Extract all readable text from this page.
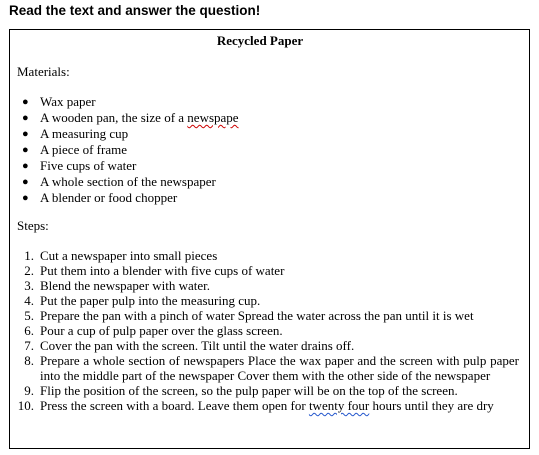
Read the text and answer the question!
Recycled Paper
Materials:
● Wax paper
● A wooden pan, the size of a newspape
● A measuring cup
● A piece of frame
● Five cups of water
● A whole section of the newspaper
● A blender or food chopper
Steps:
1. Cut a newspaper into small pieces
2. Put them into a blender with five cups of water
3. Blend the newspaper with water.
4. Put the paper pulp into the measuring cup.
5. Prepare the pan with a pinch of water Spread the water across the pan until it is wet
6. Pour a cup of pulp paper over the glass screen.
7. Cover the pan with the screen. Tilt until the water drains off.
8. Prepare a whole section of newspapers Place the wax paper and the screen with pulp paper into the middle part of the newspaper Cover them with the other side of the newspaper
9. Flip the position of the screen, so the pulp paper will be on the top of the screen.
10. Press the screen with a board. Leave them open for twenty four hours until they are dry
